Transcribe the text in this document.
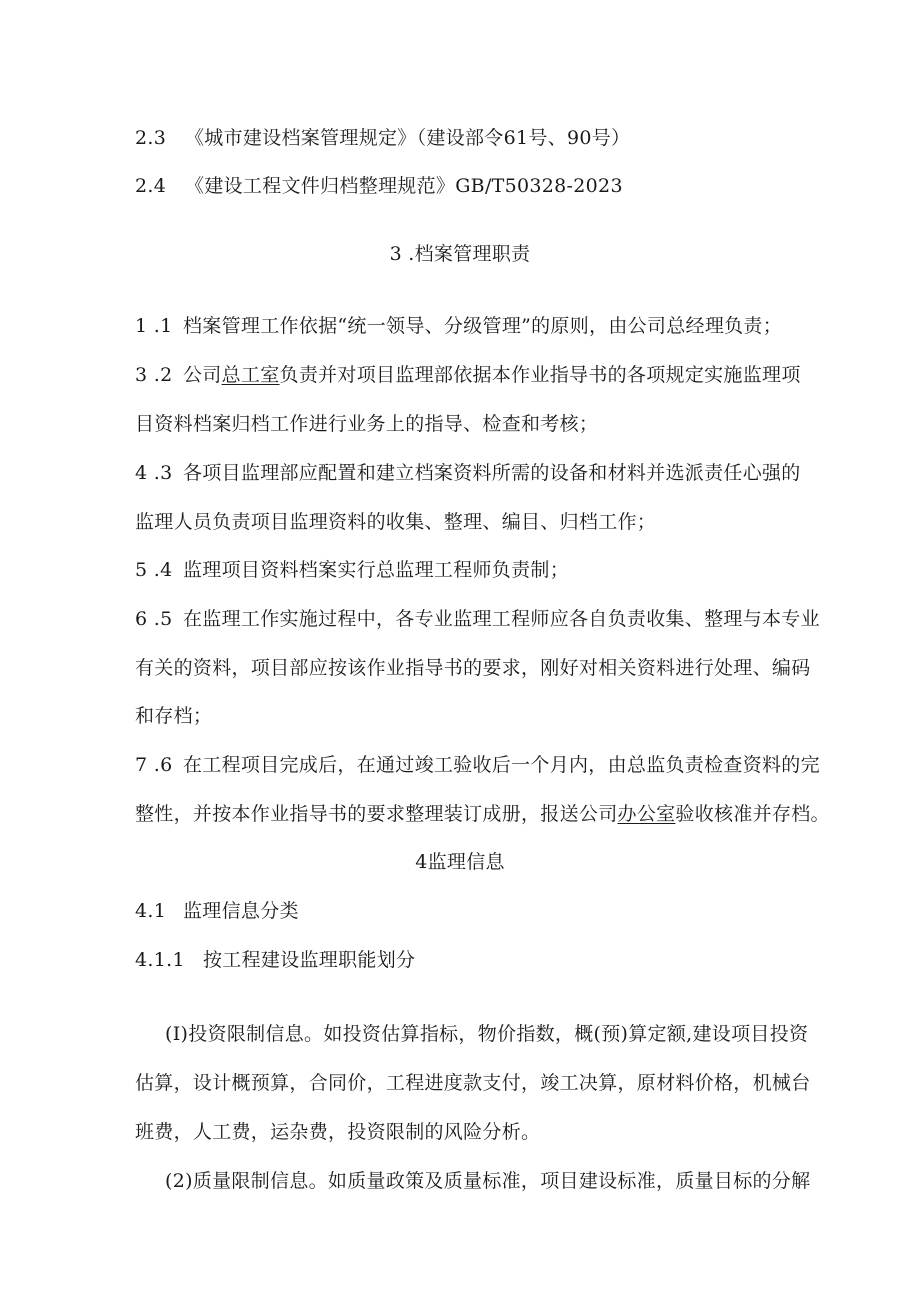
2.3 《城市建设档案管理规定》（建设部令61号、90号）
2.4 《建设工程文件归档整理规范》GB/T50328-2023
3 .档案管理职责
1 .1 档案管理工作依据“统一领导、分级管理”的原则，由公司总经理负责；
3 .2 公司总工室负责并对项目监理部依据本作业指导书的各项规定实施监理项
目资料档案归档工作进行业务上的指导、检查和考核；
4 .3 各项目监理部应配置和建立档案资料所需的设备和材料并选派责任心强的
监理人员负责项目监理资料的收集、整理、编目、归档工作；
5 .4 监理项目资料档案实行总监理工程师负责制；
6 .5 在监理工作实施过程中，各专业监理工程师应各自负责收集、整理与本专业
有关的资料，项目部应按该作业指导书的要求，刚好对相关资料进行处理、编码
和存档；
7 .6 在工程项目完成后，在通过竣工验收后一个月内，由总监负责检查资料的完
整性，并按本作业指导书的要求整理装订成册，报送公司办公室验收核准并存档。
4监理信息
4.1 监理信息分类
4.1.1 按工程建设监理职能划分
(I)投资限制信息。如投资估算指标，物价指数，概(预)算定额,建设项目投资
估算，设计概预算，合同价，工程进度款支付，竣工决算，原材料价格，机械台
班费，人工费，运杂费，投资限制的风险分析。
(2)质量限制信息。如质量政策及质量标准，项目建设标准，质量目标的分解
